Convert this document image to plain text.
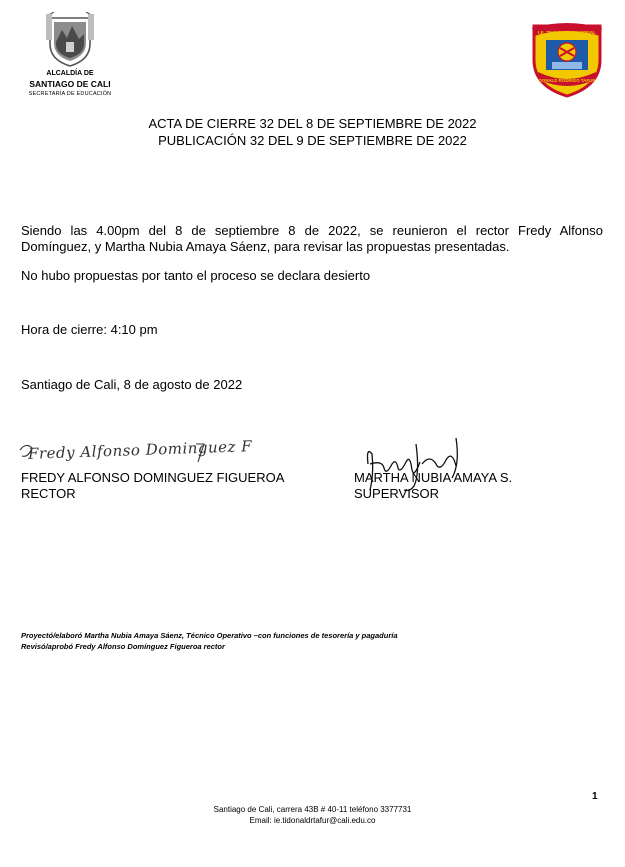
ALCALDÍA DE
SANTIAGO DE CALI
SECRETARÍA DE EDUCACIÓN
I.E. TECNICO INDUSTRIAL
DONALD RODRIGO TAFUR
ACTA DE CIERRE 32 DEL 8 DE SEPTIEMBRE DE 2022
PUBLICACIÓN 32 DEL 9 DE SEPTIEMBRE DE 2022
Siendo las 4.00pm del 8 de septiembre 8 de 2022, se reunieron el rector Fredy Alfonso
Domínguez, y Martha Nubia Amaya Sáenz, para revisar las propuestas presentadas.
No hubo propuestas por tanto el proceso se declara desierto
Hora de cierre: 4:10 pm
Santiago de Cali, 8 de agosto de 2022
Fredy Alfonso Dominguez F
FREDY ALFONSO DOMINGUEZ FIGUEROA
RECTOR
MARTHA NUBIA AMAYA S.
SUPERVISOR
Proyectó/elaboró Martha Nubia Amaya Sáenz, Técnico Operativo –con funciones de tesorería y pagaduría
Revisó/aprobó Fredy Alfonso Domínguez Figueroa rector
1
Santiago de Cali, carrera 43B # 40-11 teléfono 3377731
Email: ie.tidonaldrtafur@cali.edu.co
